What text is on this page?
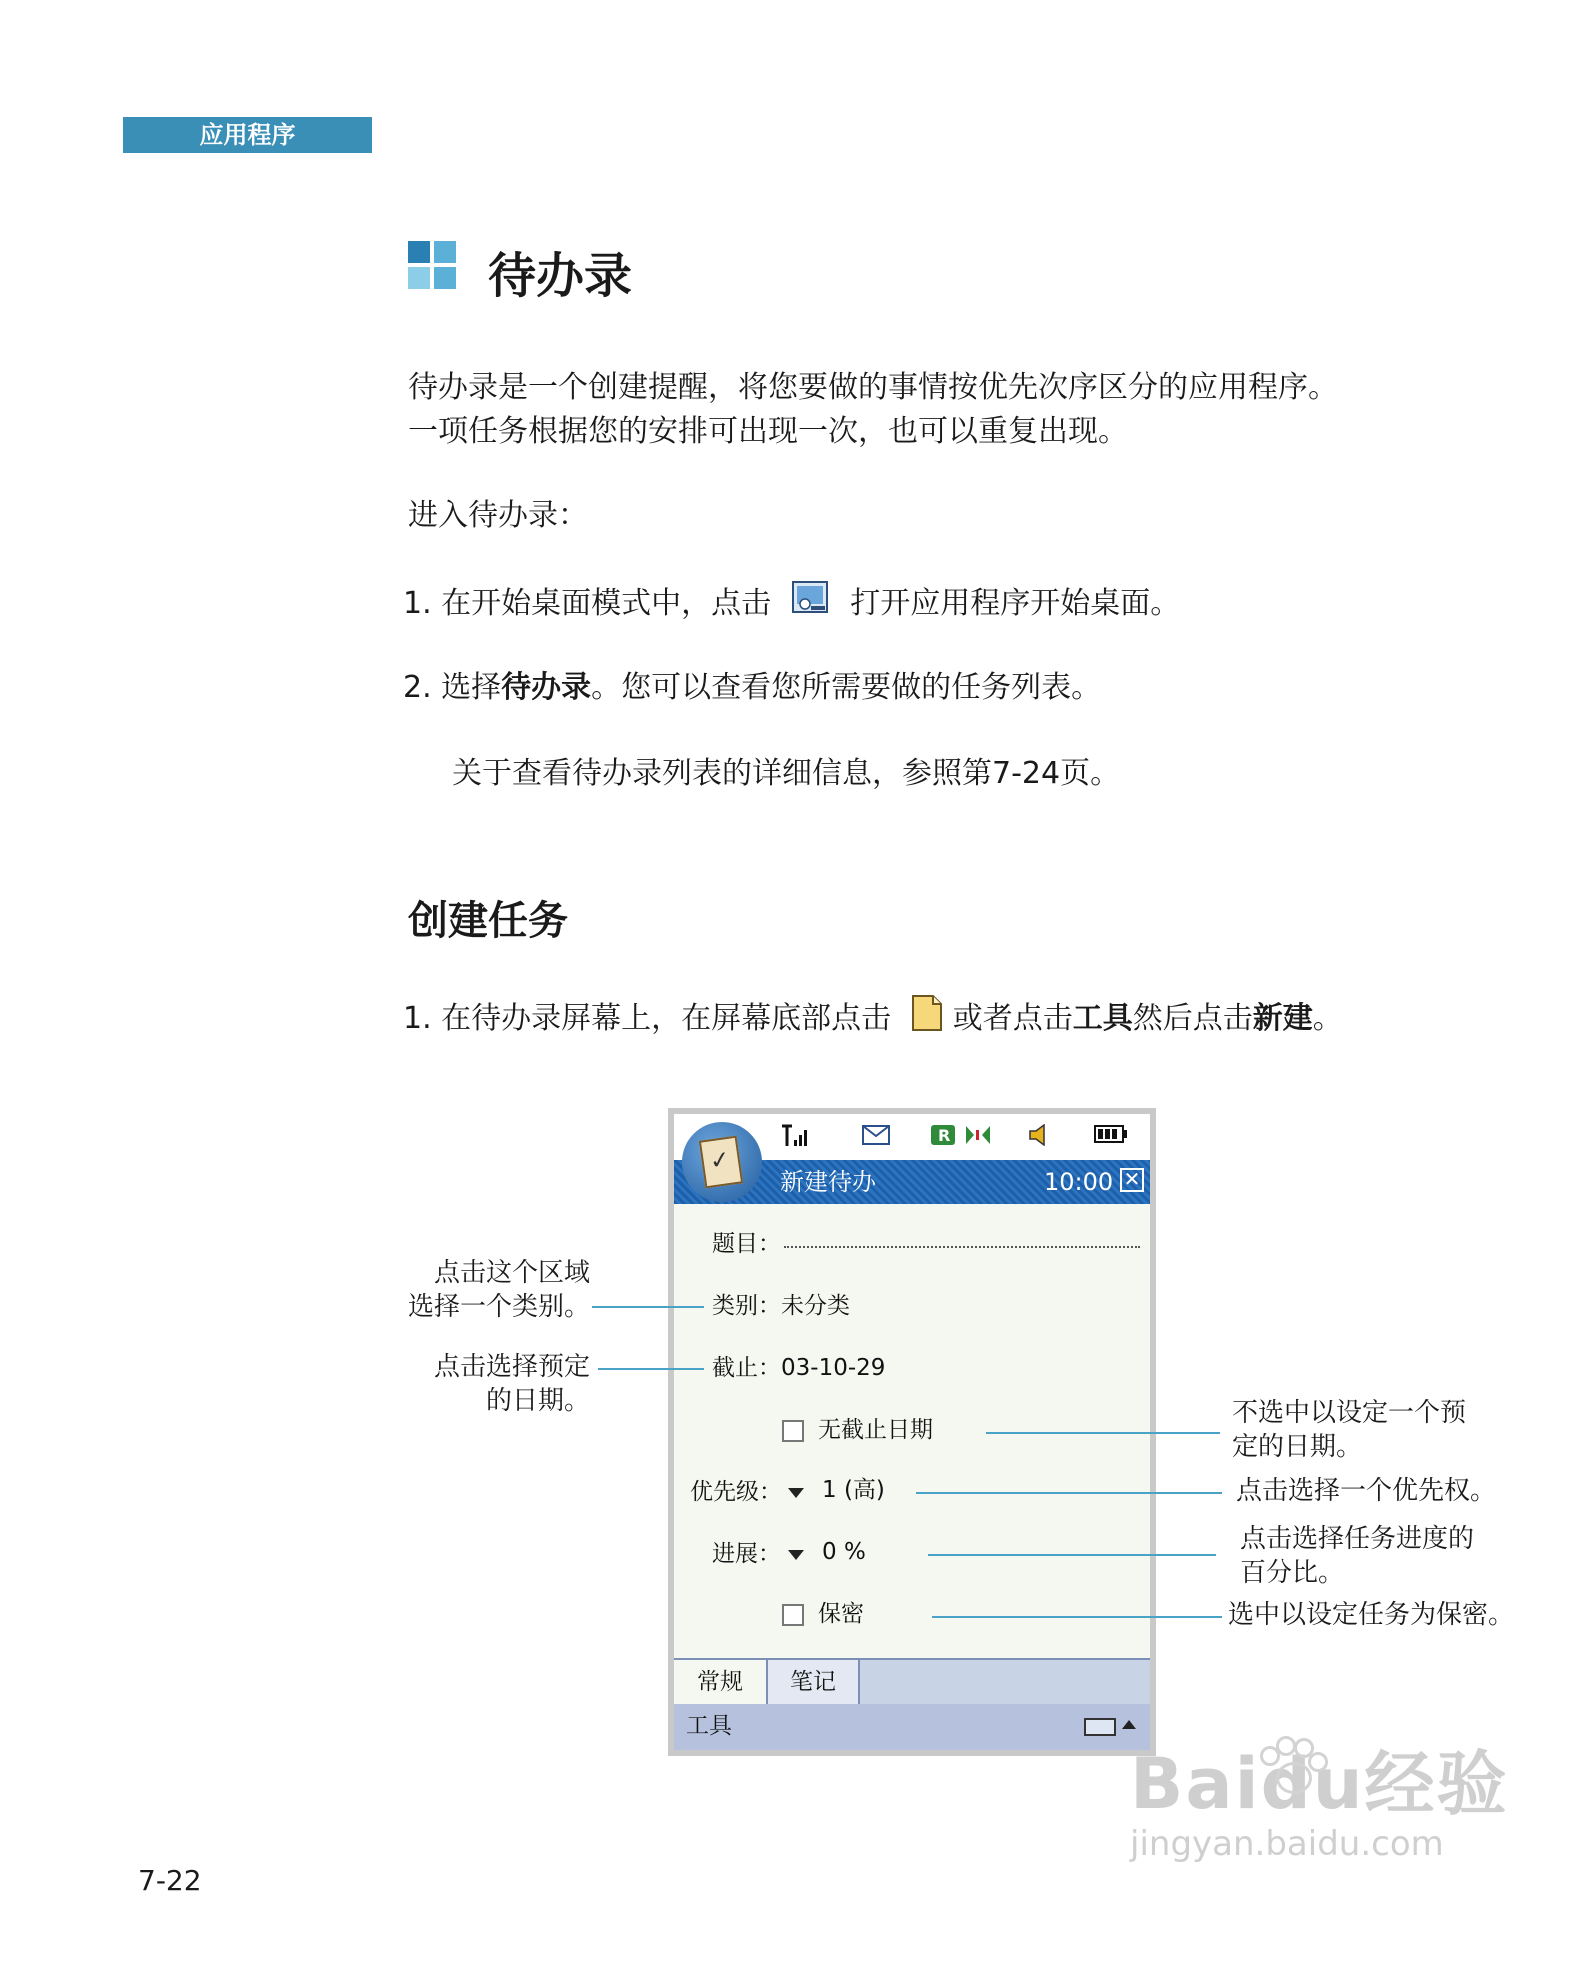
应用程序
待办录
待办录是一个创建提醒，将您要做的事情按优先次序区分的应用程序。
一项任务根据您的安排可出现一次，也可以重复出现。
进入待办录：
1. 在开始桌面模式中，点击	打开应用程序开始桌面。
2. 选择待办录。您可以查看您所需要做的任务列表。
关于查看待办录列表的详细信息，参照第7-24页。
创建任务
1. 在待办录屏幕上，在屏幕底部点击 或者点击工具然后点击新建。
R
新建待办	10:00 ✕
✓
题目：
类别：未分类
截止：03-10-29
无截止日期
优先级： 1 (高)
进展： 0 %
保密
常规	笔记
工具
点击这个区域
选择一个类别。
点击选择预定
的日期。	不选中以设定一个预
定的日期。
点击选择一个优先权。
点击选择任务进度的
百分比。
选中以设定任务为保密。
7-22
Baidu经验
jingyan.baidu.com
